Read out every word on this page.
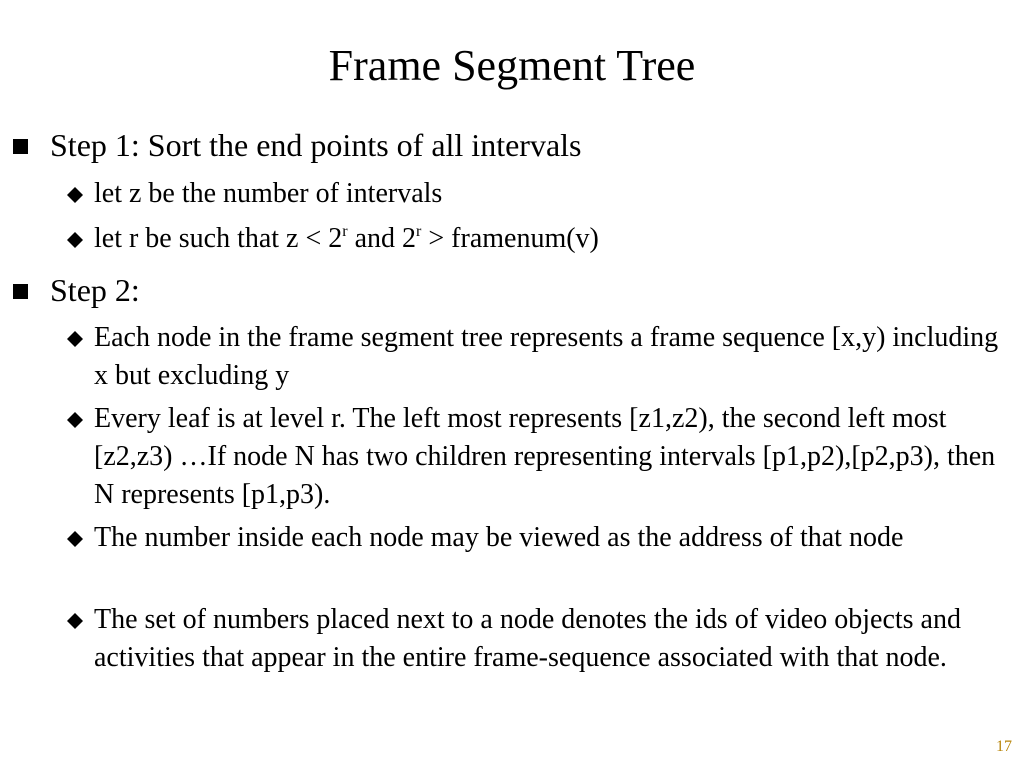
Frame Segment Tree
Step 1: Sort the end points of all intervals
let z be the number of intervals
let r be such that $z < 2^r$ and $2^r$ > framenum(v)
Step 2:
Each node in the frame segment tree represents a frame sequence [x,y) including x but excluding y
Every leaf is at level r. The left most represents [z1,z2), the second left most [z2,z3) …If node N has two children representing intervals [p1,p2),[p2,p3), then N represents [p1,p3).
The number inside each node may be viewed as the address of that node
The set of numbers placed next to a node denotes the ids of video objects and activities that appear in the entire frame-sequence associated with that node.
17
